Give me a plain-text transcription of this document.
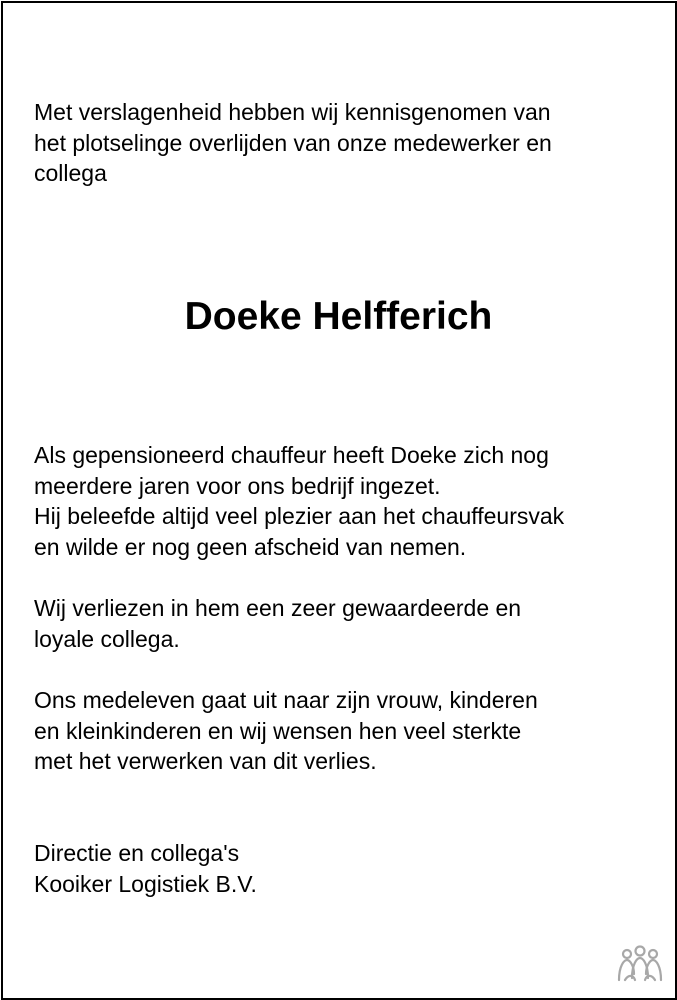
Met verslagenheid hebben wij kennisgenomen van
het plotselinge overlijden van onze medewerker en
collega

Doeke Helfferich

Als gepensioneerd chauffeur heeft Doeke zich nog
meerdere jaren voor ons bedrijf ingezet.
Hij beleefde altijd veel plezier aan het chauffeursvak
en wilde er nog geen afscheid van nemen.

Wij verliezen in hem een zeer gewaardeerde en
loyale collega.

Ons medeleven gaat uit naar zijn vrouw, kinderen
en kleinkinderen en wij wensen hen veel sterkte
met het verwerken van dit verlies.

Directie en collega's
Kooiker Logistiek B.V.
